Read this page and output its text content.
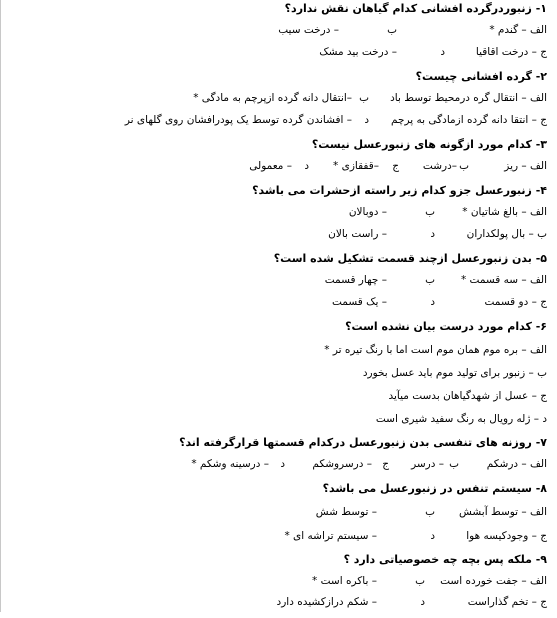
۱- زنبوردرگرده افشانی کدام گیاهان نقش ندارد؟
الف – گندم *
ب
– درخت سیب
ج – درخت اقاقیا
د
– درخت بید مشک
۲- گرده افشانی چیست؟
الف – انتقال گره درمحیط توسط باد
ب
–انتقال دانه گرده ازپرچم به مادگی *
ج – انتقا دانه گرده ازمادگی به پرچم
د
– افشاندن گرده توسط یک پودرافشان روی گلهای نر
۳- کدام مورد ازگونه های زنبورعسل نیست؟
الف – ریز
ب
–درشت
ج
–قفقازی *
د
– معمولی
۴- زنبورعسل جزو کدام زیر راسته ازحشرات می باشد؟
الف – بالغ شاتیان *
ب
– دوبالان
ب – بال پولکداران
د
– راست بالان
۵- بدن زنبورعسل ازچند قسمت تشکیل شده است؟
الف – سه قسمت *
ب
– چهار قسمت
ج – دو قسمت
د
– یک قسمت
۶- کدام مورد درست بیان نشده است؟
الف – بره موم همان موم است اما با رنگ تیره تر *
ب – زنبور برای تولید موم باید عسل بخورد
ج – عسل از شهدگیاهان بدست میآید
د – ژله رویال به رنگ سفید شیری است
۷- روزنه های تنفسی بدن زنبورعسل درکدام قسمتها قرارگرفته اند؟
الف – درشکم
ب
– درسر
ج
– درسروشکم
د
– درسینه وشکم *
۸- سیستم تنفس در زنبورعسل می باشد؟
الف – توسط آبشش
ب
– توسط شش
ج – وجودکیسه هوا
د
– سیستم تراشه ای *
۹- ملکه پس بچه چه خصوصیاتی دارد ؟
الف – جفت خورده است
ب
– باکره است *
ج – تخم گذاراست
د
– شکم درازکشیده دارد
